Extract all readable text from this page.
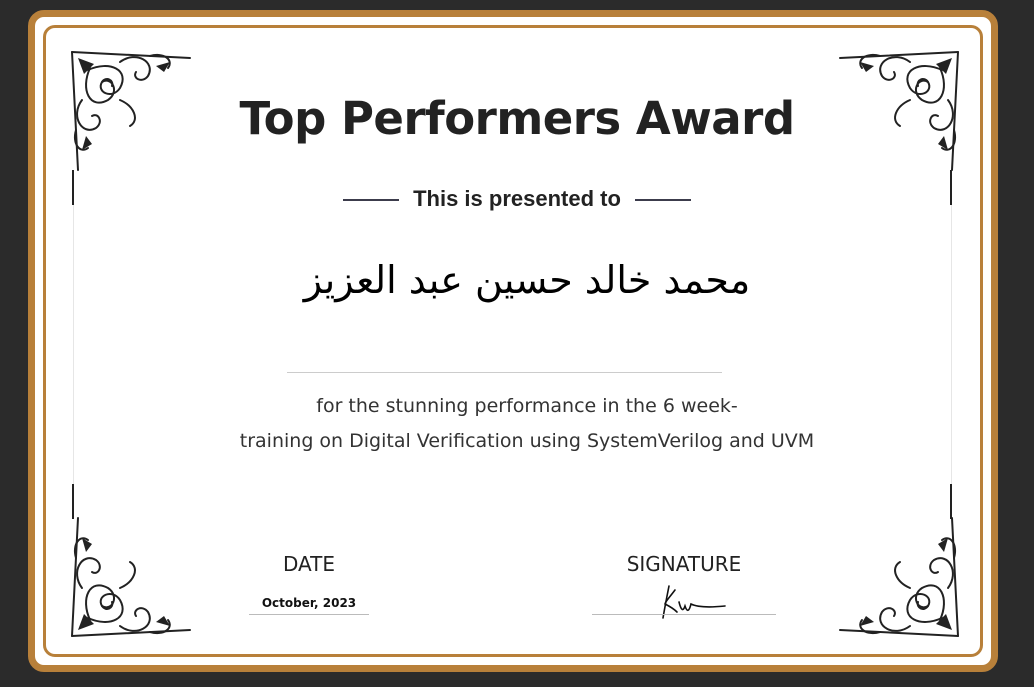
Top Performers Award
This is presented to
محمد خالد حسين عبد العزيز
for the stunning performance in the 6 week-
training on Digital Verification using SystemVerilog and UVM
DATE
October, 2023
SIGNATURE
